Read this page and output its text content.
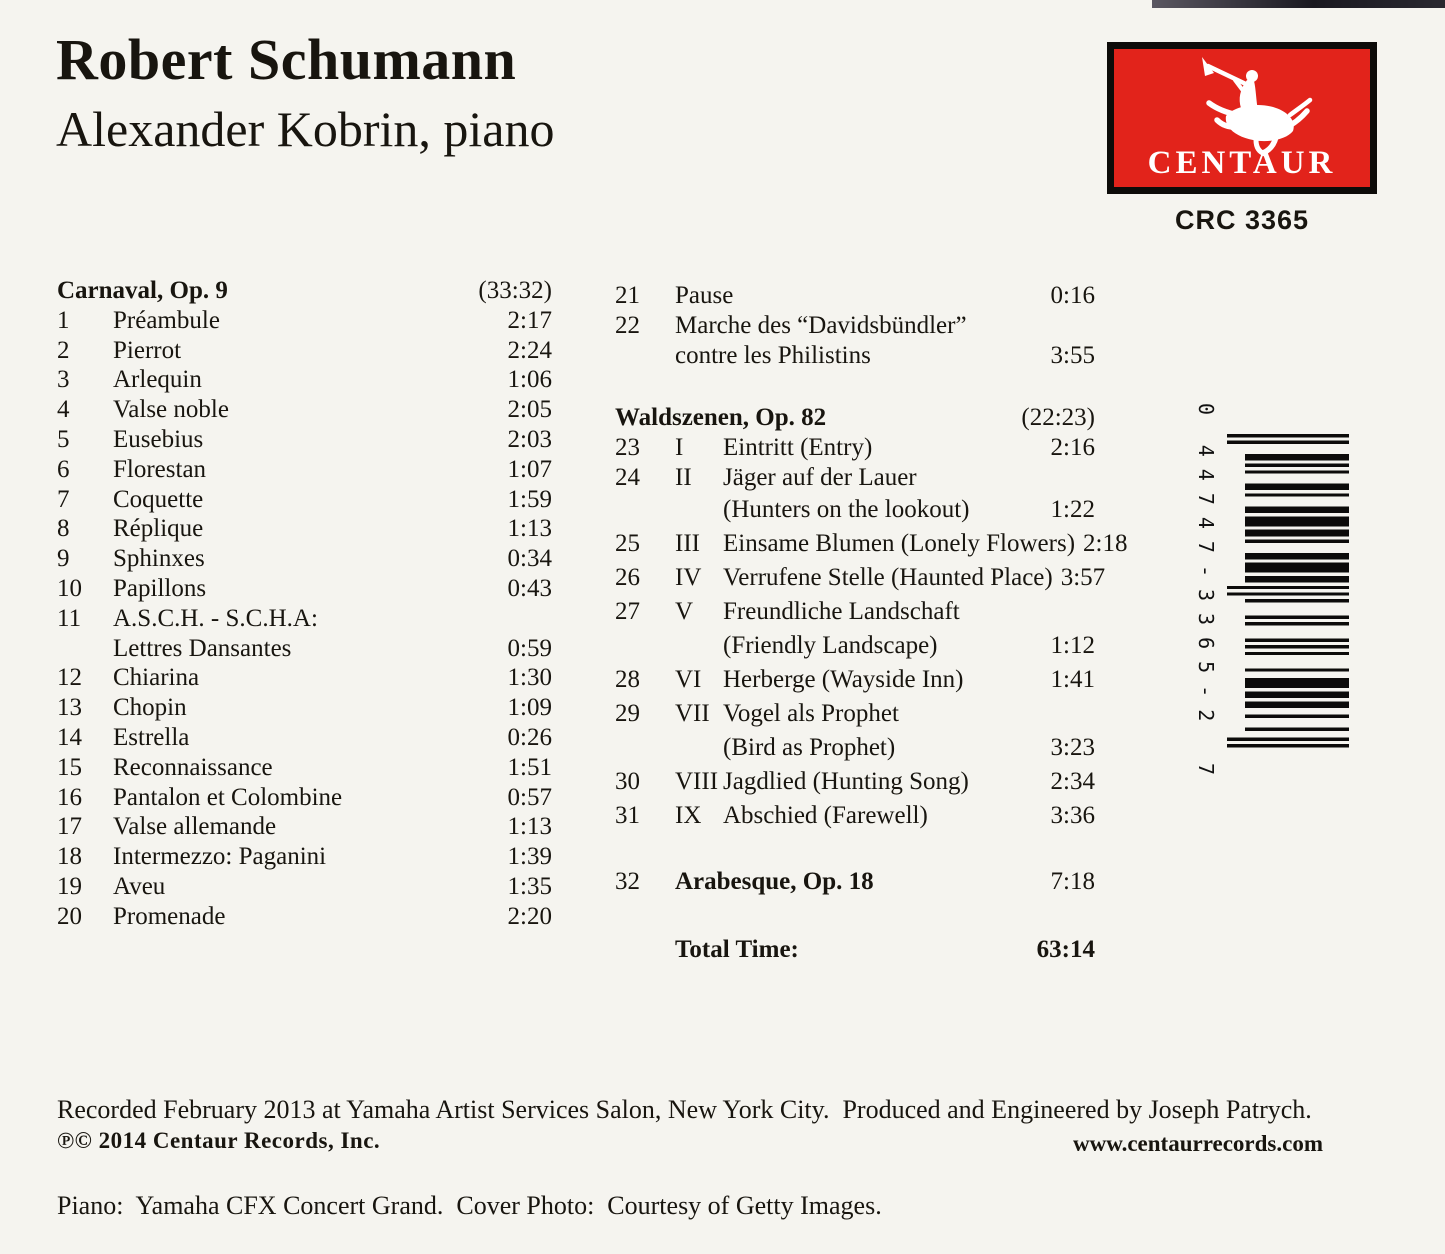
Robert Schumann
Alexander Kobrin, piano
CENTAUR
CRC 3365
Carnaval, Op. 9	(33:32)
1	Préambule	2:17
2	Pierrot	2:24
3	Arlequin	1:06
4	Valse noble	2:05
5	Eusebius	2:03
6	Florestan	1:07
7	Coquette	1:59
8	Réplique	1:13
9	Sphinxes	0:34
10	Papillons	0:43
11	A.S.C.H. - S.C.H.A:
Lettres Dansantes	0:59
12	Chiarina	1:30
13	Chopin	1:09
14	Estrella	0:26
15	Reconnaissance	1:51
16	Pantalon et Colombine	0:57
17	Valse allemande	1:13
18	Intermezzo: Paganini	1:39
19	Aveu	1:35
20	Promenade	2:20
21	Pause	0:16
22	Marche des “Davidsbündler”
contre les Philistins	3:55
Waldszenen, Op. 82	(22:23)
23	I	Eintritt (Entry)	2:16
24	II	Jäger auf der Lauer
(Hunters on the lookout)	1:22
25	III Einsame Blumen (Lonely Flowers) 2:18
26	IV Verrufene Stelle (Haunted Place) 3:57
27	V	Freundliche Landschaft
(Friendly Landscape)	1:12
28	VI Herberge (Wayside Inn)	1:41
29	VII Vogel als Prophet
(Bird as Prophet)	3:23
30	VIII Jagdlied (Hunting Song)	2:34
31	IX Abschied (Farewell)	3:36
32	Arabesque, Op. 18	7:18
Total Time:	63:14
0
44747-3365-2
7

Recorded February 2013 at Yamaha Artist Services Salon, New York City.  Produced and Engineered by Joseph Patrych.

Piano:  Yamaha CFX Concert Grand.  Cover Photo:  Courtesy of Getty Images.

℗© 2014 Centaur Records, Inc.	www.centaurrecords.com
